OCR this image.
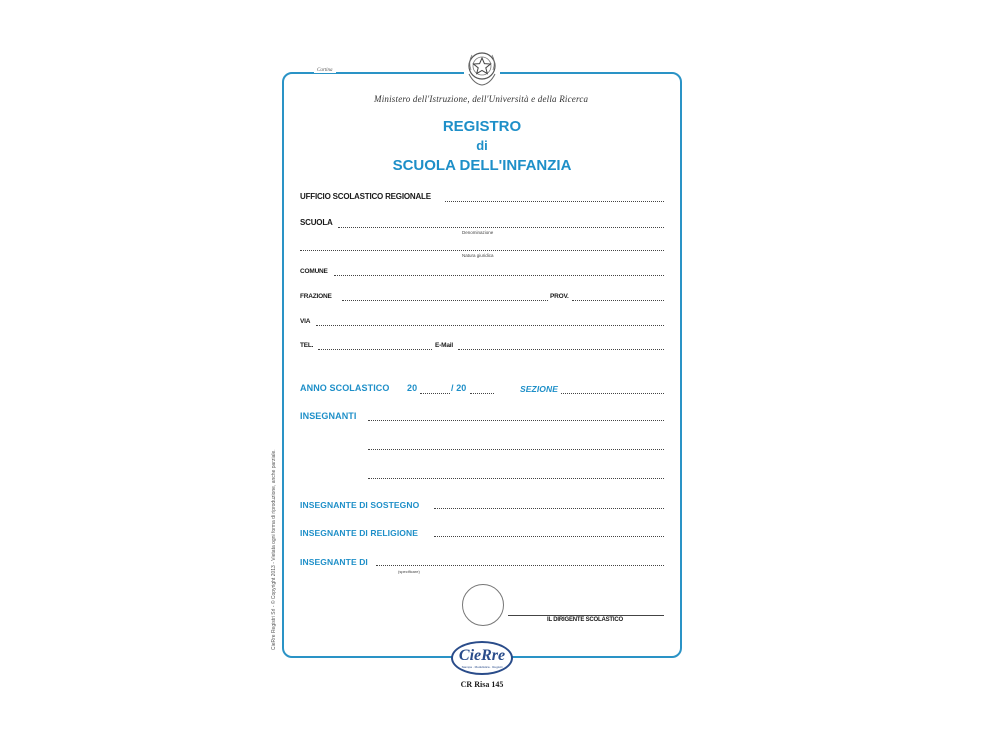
CieRre Registri Srl - © Copyright 2013 - Vietata ogni forma di riproduzione, anche parziale.
Cartina
Ministero dell'Istruzione, dell'Università e della Ricerca
REGISTRO
di
SCUOLA DELL'INFANZIA
UFFICIO SCOLASTICO REGIONALE
SCUOLA
Denominazione
Natura giuridica
COMUNE
FRAZIONE	PROV.
VIA
TEL.	E-Mail
ANNO SCOLASTICO 20	/ 20	SEZIONE
INSEGNANTI
INSEGNANTE DI SOSTEGNO
INSEGNANTE DI RELIGIONE
INSEGNANTE DI
(specificare)
IL DIRIGENTE SCOLASTICO
CieRre
Stampa · Modulistica · Registri
CR Risa 145
